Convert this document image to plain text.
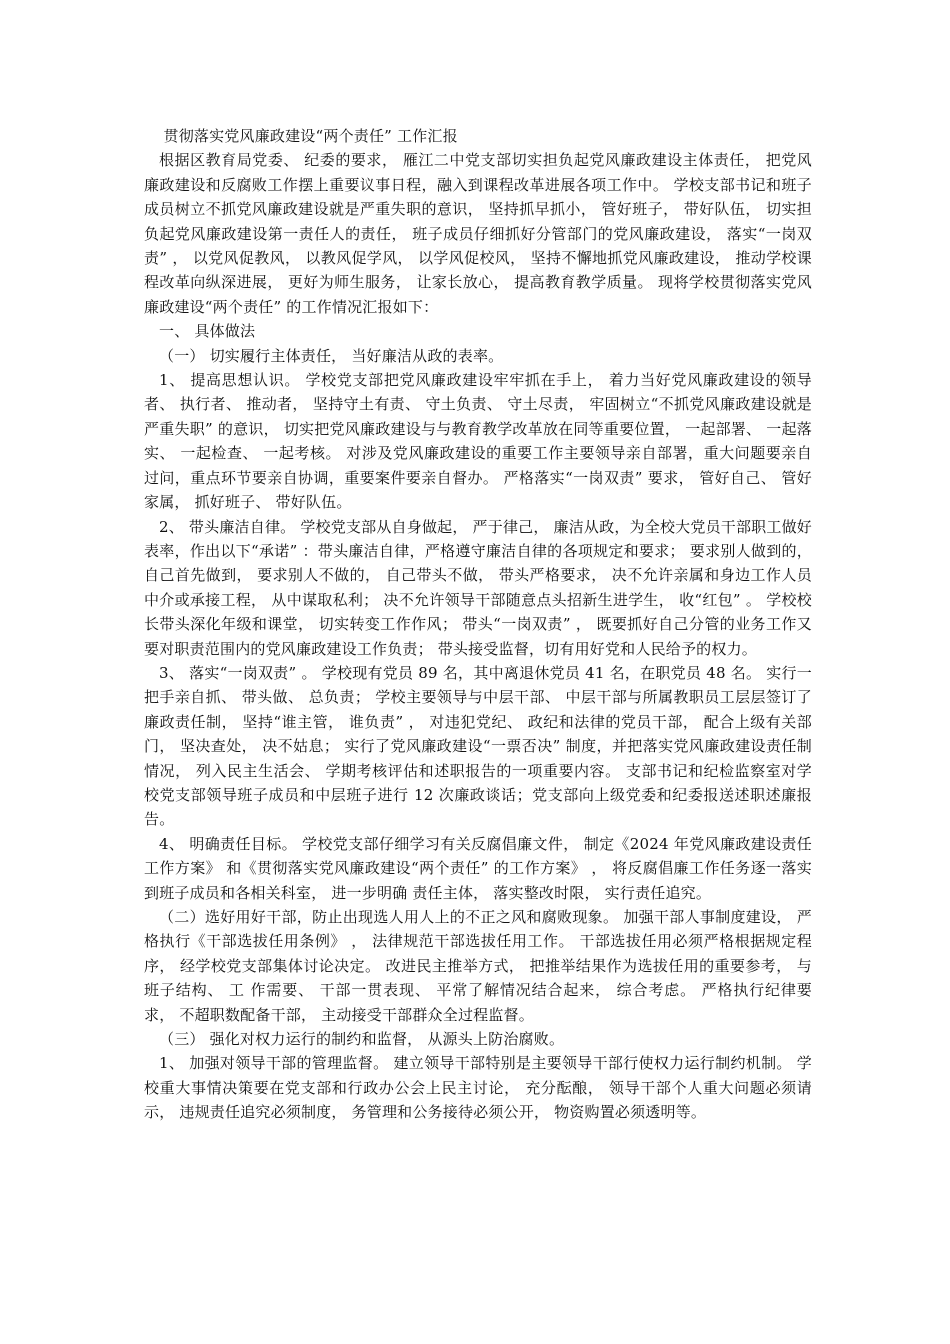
贯彻落实党风廉政建设“两个责任” 工作汇报

根据区教育局党委、 纪委的要求， 雁江二中党支部切实担负起党风廉政建设主体责任， 把党风廉政建设和反腐败工作摆上重要议事日程，融入到课程改革进展各项工作中。 学校支部书记和班子成员树立不抓党风廉政建设就是严重失职的意识， 坚持抓早抓小， 管好班子， 带好队伍， 切实担负起党风廉政建设第一责任人的责任， 班子成员仔细抓好分管部门的党风廉政建设， 落实“一岗双责” ， 以党风促教风， 以教风促学风， 以学风促校风， 坚持不懈地抓党风廉政建设， 推动学校课程改革向纵深进展， 更好为师生服务， 让家长放心， 提高教育教学质量。 现将学校贯彻落实党风廉政建设“两个责任” 的工作情况汇报如下：

一、 具体做法

（一） 切实履行主体责任， 当好廉洁从政的表率。

1、 提高思想认识。 学校党支部把党风廉政建设牢牢抓在手上， 着力当好党风廉政建设的领导者、 执行者、 推动者， 坚持守土有责、 守土负责、 守土尽责， 牢固树立“不抓党风廉政建设就是严重失职” 的意识， 切实把党风廉政建设与与教育教学改革放在同等重要位置， 一起部署、 一起落实、 一起检查、 一起考核。 对涉及党风廉政建设的重要工作主要领导亲自部署，重大问题要亲自过问，重点环节要亲自协调，重要案件要亲自督办。 严格落实“一岗双责” 要求， 管好自己、 管好家属， 抓好班子、 带好队伍。

2、 带头廉洁自律。 学校党支部从自身做起， 严于律己， 廉洁从政，为全校大党员干部职工做好表率，作出以下“承诺” ：带头廉洁自律，严格遵守廉洁自律的各项规定和要求； 要求别人做到的， 自己首先做到， 要求别人不做的， 自己带头不做， 带头严格要求， 决不允许亲属和身边工作人员中介或承接工程， 从中谋取私利； 决不允许领导干部随意点头招新生进学生， 收“红包” 。 学校校长带头深化年级和课堂， 切实转变工作作风； 带头“一岗双责” ， 既要抓好自己分管的业务工作又要对职责范围内的党风廉政建设工作负责； 带头接受监督，切有用好党和人民给予的权力。

3、 落实“一岗双责” 。 学校现有党员 89 名，其中离退休党员 41 名，在职党员 48 名。 实行一把手亲自抓、 带头做、 总负责； 学校主要领导与中层干部、 中层干部与所属教职员工层层签订了廉政责任制， 坚持“谁主管， 谁负责” ， 对违犯党纪、 政纪和法律的党员干部， 配合上级有关部门， 坚决查处， 决不姑息； 实行了党风廉政建设“一票否决” 制度，并把落实党风廉政建设责任制情况， 列入民主生活会、 学期考核评估和述职报告的一项重要内容。 支部书记和纪检监察室对学校党支部领导班子成员和中层班子进行 12 次廉政谈话；党支部向上级党委和纪委报送述职述廉报告。

4、 明确责任目标。 学校党支部仔细学习有关反腐倡廉文件， 制定《2024 年党风廉政建设责任工作方案》 和《贯彻落实党风廉政建设“两个责任” 的工作方案》 ， 将反腐倡廉工作任务逐一落实到班子成员和各相关科室， 进一步明确 责任主体， 落实整改时限， 实行责任追究。

（二）选好用好干部，防止出现选人用人上的不正之风和腐败现象。 加强干部人事制度建设， 严格执行《干部选拔任用条例》 ， 法律规范干部选拔任用工作。 干部选拔任用必须严格根据规定程序， 经学校党支部集体讨论决定。 改进民主推举方式， 把推举结果作为选拔任用的重要参考， 与班子结构、 工 作需要、 干部一贯表现、 平常了解情况结合起来， 综合考虑。 严格执行纪律要求， 不超职数配备干部， 主动接受干部群众全过程监督。

（三） 强化对权力运行的制约和监督， 从源头上防治腐败。

1、 加强对领导干部的管理监督。 建立领导干部特别是主要领导干部行使权力运行制约机制。 学校重大事情决策要在党支部和行政办公会上民主讨论， 充分酝酿， 领导干部个人重大问题必须请示， 违规责任追究必须制度， 务管理和公务接待必须公开， 物资购置必须透明等。
